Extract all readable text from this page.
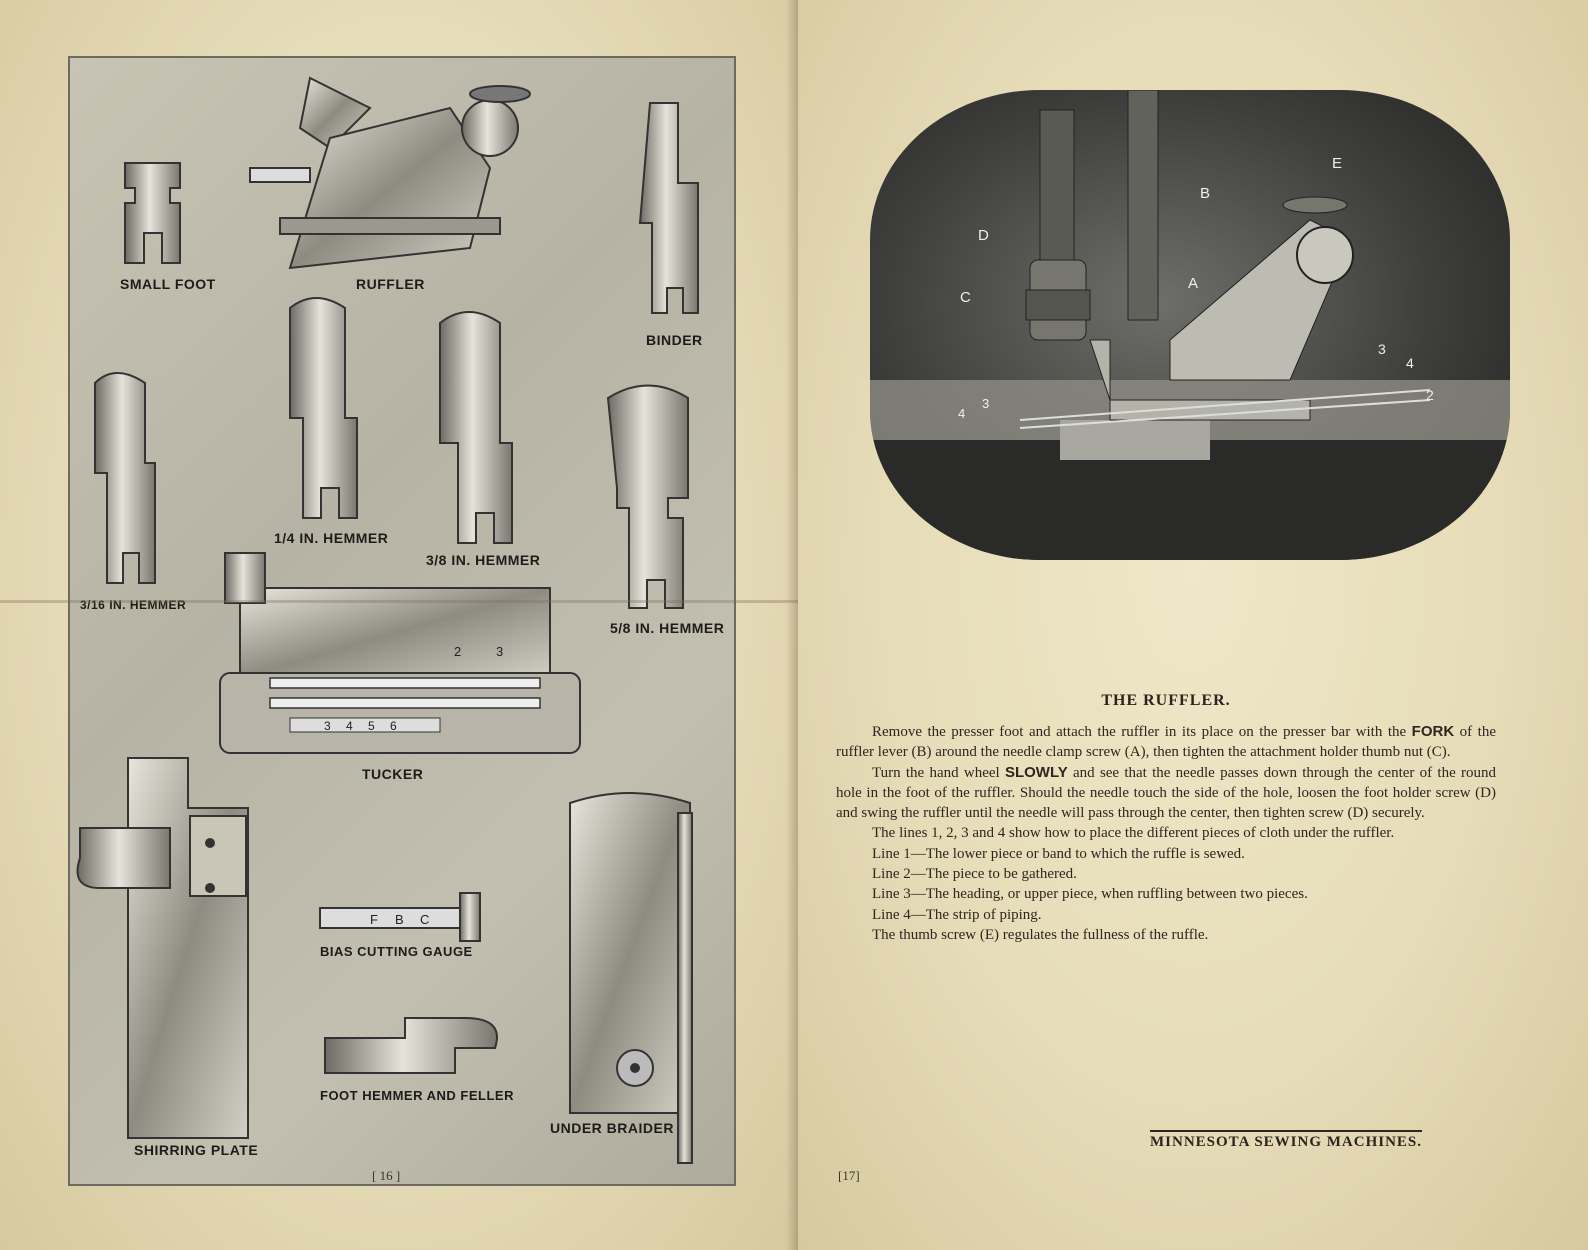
2	3
3 4 5 6
F B C
SMALL FOOT	RUFFLER
BINDER
1/4 IN. HEMMER
3/8 IN. HEMMER
3/16 IN. HEMMER
5/8 IN. HEMMER
TUCKER
BIAS CUTTING GAUGE
FOOT HEMMER AND FELLER
SHIRRING PLATE
UNDER BRAIDER
[ 16 ]
D
C
B
A
E
3
4
2
4
3
THE RUFFLER.

Remove the presser foot and attach the ruffler in its place on the presser bar with the FORK of the ruffler lever (B) around the needle clamp screw (A), then tighten the attachment holder thumb nut (C).

Turn the hand wheel SLOWLY and see that the needle passes down through the center of the round hole in the foot of the ruffler. Should the needle touch the side of the hole, loosen the foot holder screw (D) and swing the ruffler until the needle will pass through the center, then tighten screw (D) securely.

The lines 1, 2, 3 and 4 show how to place the different pieces of cloth under the ruffler.

Line 1—The lower piece or band to which the ruffle is sewed.

Line 2—The piece to be gathered.

Line 3—The heading, or upper piece, when ruffling between two pieces.

Line 4—The strip of piping.

The thumb screw (E) regulates the fullness of the ruffle.

MINNESOTA SEWING MACHINES.
[17]
